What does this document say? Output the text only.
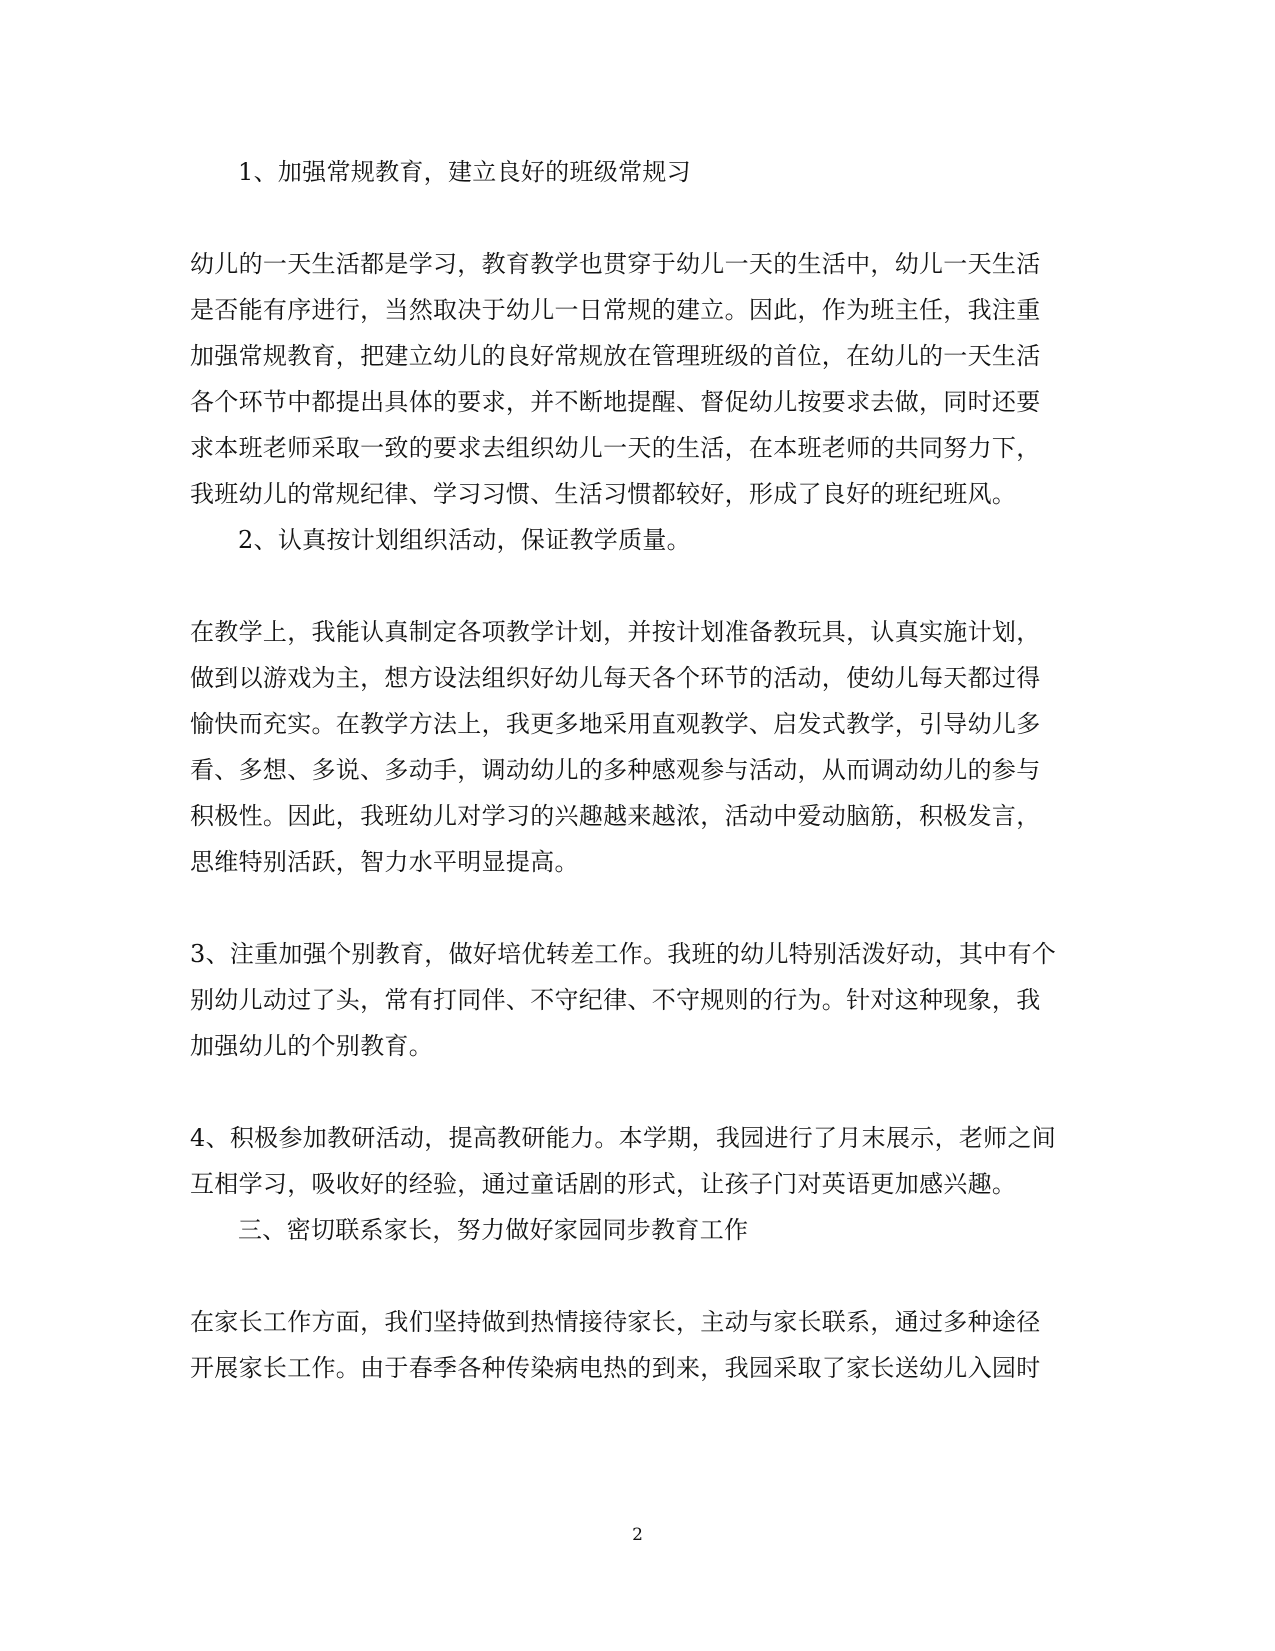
1、加强常规教育，建立良好的班级常规习
幼儿的一天生活都是学习，教育教学也贯穿于幼儿一天的生活中，幼儿一天生活
是否能有序进行，当然取决于幼儿一日常规的建立。因此，作为班主任，我注重
加强常规教育，把建立幼儿的良好常规放在管理班级的首位，在幼儿的一天生活
各个环节中都提出具体的要求，并不断地提醒、督促幼儿按要求去做，同时还要
求本班老师采取一致的要求去组织幼儿一天的生活，在本班老师的共同努力下，
我班幼儿的常规纪律、学习习惯、生活习惯都较好，形成了良好的班纪班风。
2、认真按计划组织活动，保证教学质量。
在教学上，我能认真制定各项教学计划，并按计划准备教玩具，认真实施计划，
做到以游戏为主，想方设法组织好幼儿每天各个环节的活动，使幼儿每天都过得
愉快而充实。在教学方法上，我更多地采用直观教学、启发式教学，引导幼儿多
看、多想、多说、多动手，调动幼儿的多种感观参与活动，从而调动幼儿的参与
积极性。因此，我班幼儿对学习的兴趣越来越浓，活动中爱动脑筋，积极发言，
思维特别活跃，智力水平明显提高。
3、注重加强个别教育，做好培优转差工作。我班的幼儿特别活泼好动，其中有个
别幼儿动过了头，常有打同伴、不守纪律、不守规则的行为。针对这种现象，我
加强幼儿的个别教育。
4、积极参加教研活动，提高教研能力。本学期，我园进行了月末展示，老师之间
互相学习，吸收好的经验，通过童话剧的形式，让孩子门对英语更加感兴趣。
三、密切联系家长，努力做好家园同步教育工作
在家长工作方面，我们坚持做到热情接待家长，主动与家长联系，通过多种途径
开展家长工作。由于春季各种传染病电热的到来，我园采取了家长送幼儿入园时
2
